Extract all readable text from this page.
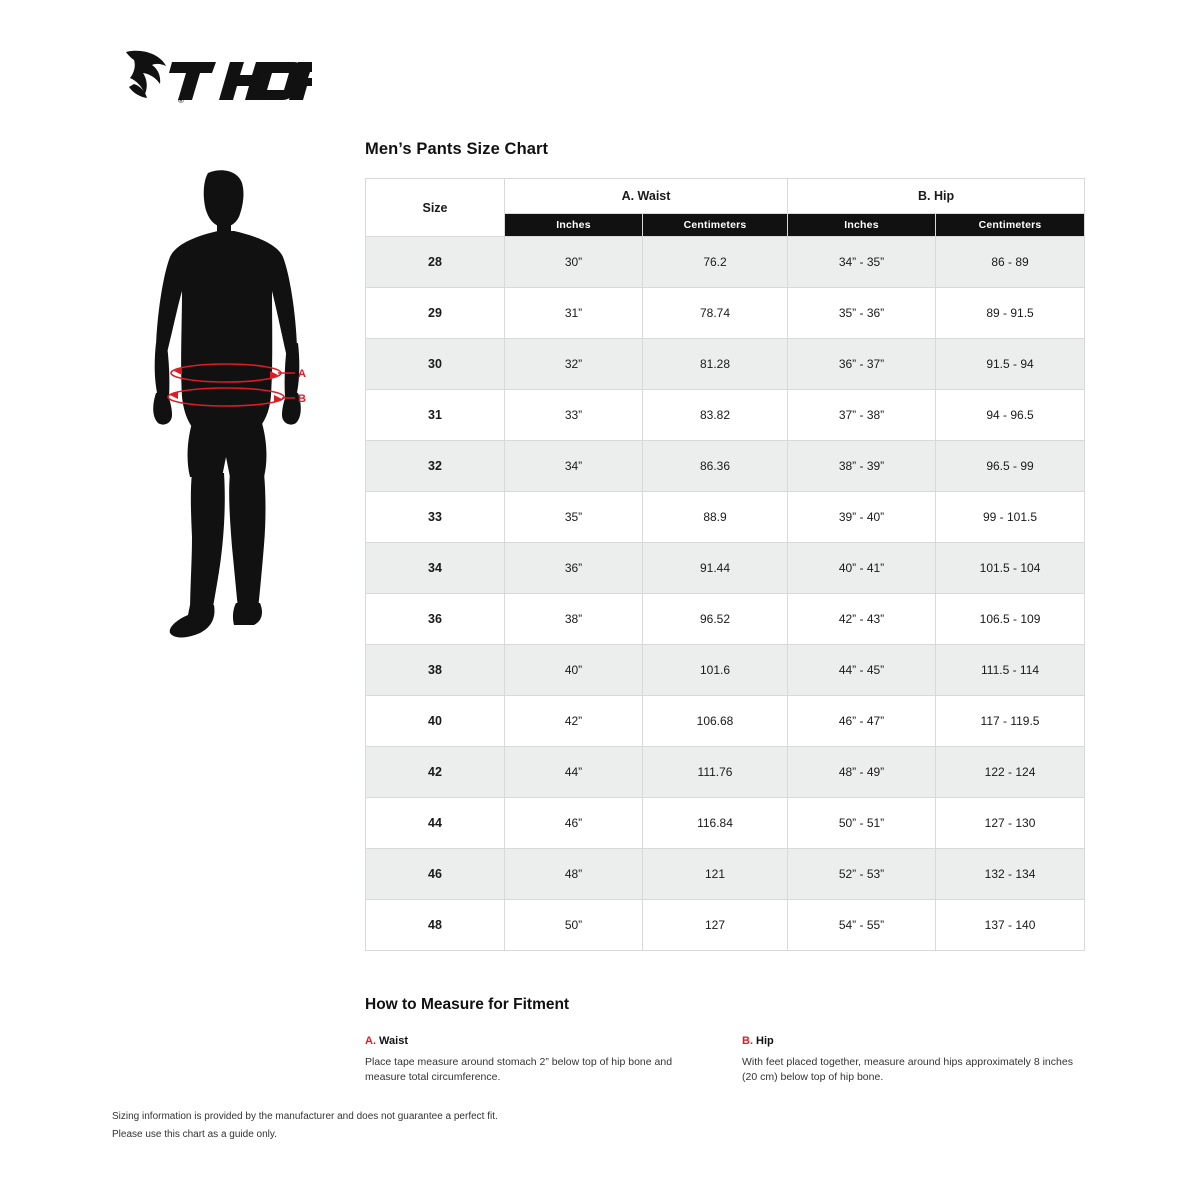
®
A
B
Men’s Pants Size Chart
Size	A. Waist		B. Hip	
	Inches	Centimeters	Inches	Centimeters
28	30”	76.2	34” - 35”	86 - 89
29	31”	78.74	35” - 36”	89 - 91.5
30	32”	81.28	36” - 37”	91.5 - 94
31	33”	83.82	37” - 38”	94 - 96.5
32	34”	86.36	38” - 39”	96.5 - 99
33	35”	88.9	39” - 40”	99 - 101.5
34	36”	91.44	40” - 41”	101.5 - 104
36	38”	96.52	42” - 43”	106.5 - 109
38	40”	101.6	44” - 45”	111.5 - 114
40	42”	106.68	46” - 47”	117 - 119.5
42	44”	111.76	48” - 49”	122 - 124
44	46”	116.84	50” - 51”	127 - 130
46	48”	121	52” - 53”	132 - 134
48	50”	127	54” - 55”	137 - 140
How to Measure for Fitment
A. Waist
Place tape measure around stomach 2” below top of hip bone and measure total circumference.
B. Hip
With feet placed together, measure around hips approximately 8 inches (20 cm) below top of hip bone.
Sizing information is provided by the manufacturer and does not guarantee a perfect fit.
Please use this chart as a guide only.
